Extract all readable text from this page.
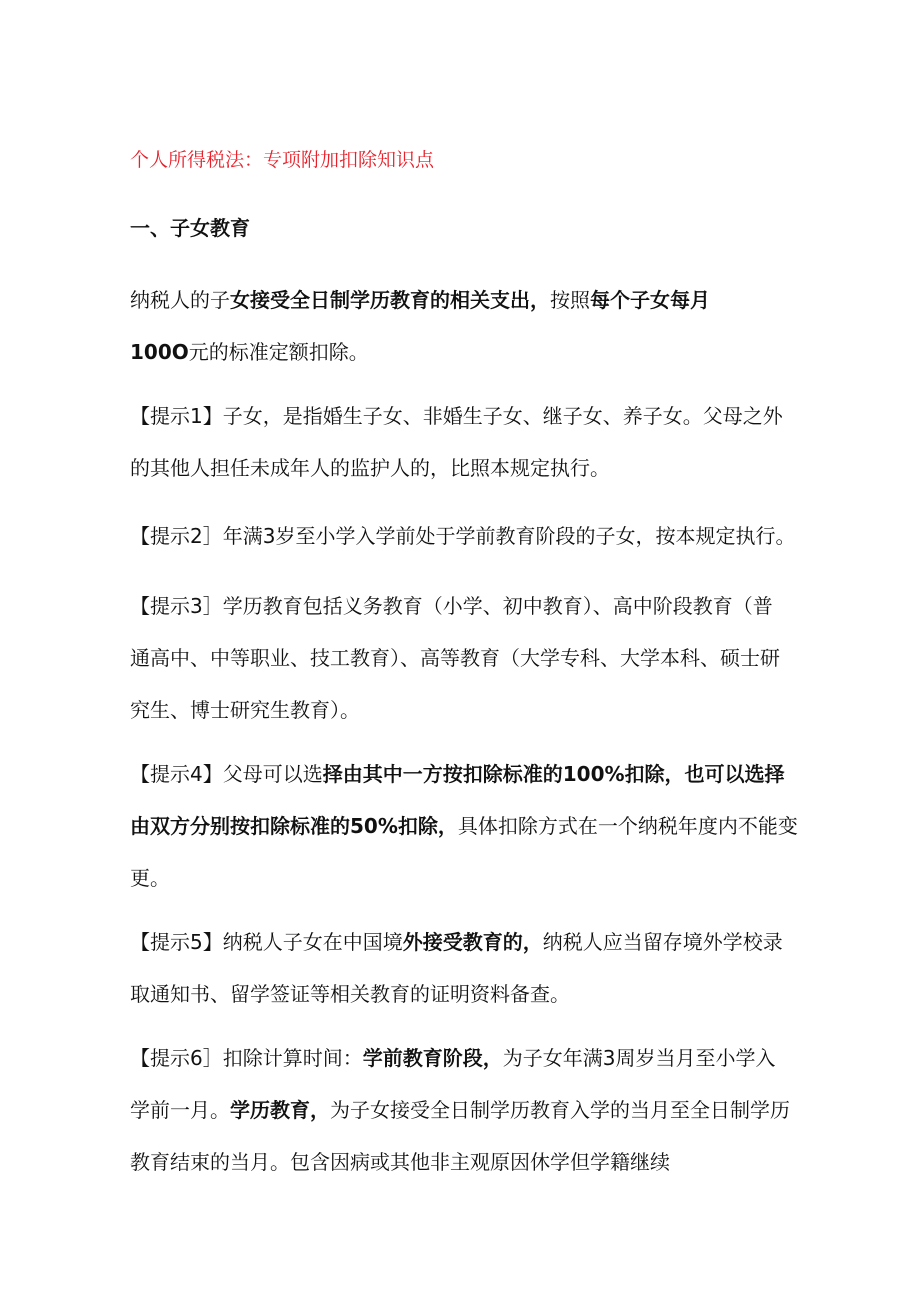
个人所得税法：专项附加扣除知识点
一、子女教育
纳税人的子女接受全日制学历教育的相关支出，按照每个子女每月
100O元的标准定额扣除。
【提示1】子女，是指婚生子女、非婚生子女、继子女、养子女。父母之外
的其他人担任未成年人的监护人的，比照本规定执行。
【提示2］年满3岁至小学入学前处于学前教育阶段的子女，按本规定执行。
【提示3］学历教育包括义务教育（小学、初中教育）、高中阶段教育（普
通高中、中等职业、技工教育）、高等教育（大学专科、大学本科、硕士研
究生、博士研究生教育）。
【提示4】父母可以选择由其中一方按扣除标准的100%扣除，也可以选择
由双方分别按扣除标准的50%扣除，具体扣除方式在一个纳税年度内不能变
更。
【提示5】纳税人子女在中国境外接受教育的，纳税人应当留存境外学校录
取通知书、留学签证等相关教育的证明资料备查。
【提示6］扣除计算时间：学前教育阶段，为子女年满3周岁当月至小学入
学前一月。学历教育，为子女接受全日制学历教育入学的当月至全日制学历
教育结束的当月。包含因病或其他非主观原因休学但学籍继续
